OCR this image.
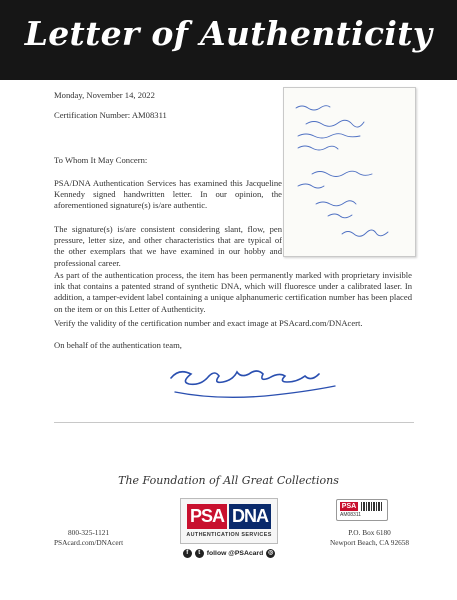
Letter of Authenticity
Monday, November 14, 2022
Certification Number: AM08311
To Whom It May Concern:
PSA/DNA Authentication Services has examined this Jacqueline Kennedy signed handwritten letter. In our opinion, the aforementioned signature(s) is/are authentic.
The signature(s) is/are consistent considering slant, flow, pen pressure, letter size, and other characteristics that are typical of the other exemplars that we have examined in our hobby and professional career.
As part of the authentication process, the item has been permanently marked with proprietary invisible ink that contains a patented strand of synthetic DNA, which will fluoresce under a calibrated laser. In addition, a tamper-evident label containing a unique alphanumeric certification number has been placed on the item or on this Letter of Authenticity.
Verify the validity of the certification number and exact image at PSAcard.com/DNAcert.
On behalf of the authentication team,
The Foundation of All Great Collections
800-325-1121
PSAcard.com/DNAcert
PSA DNA
AUTHENTICATION SERVICES
f	t follow @PSAcard ◎
PSA
AM08311
P.O. Box 6180
Newport Beach, CA 92658
